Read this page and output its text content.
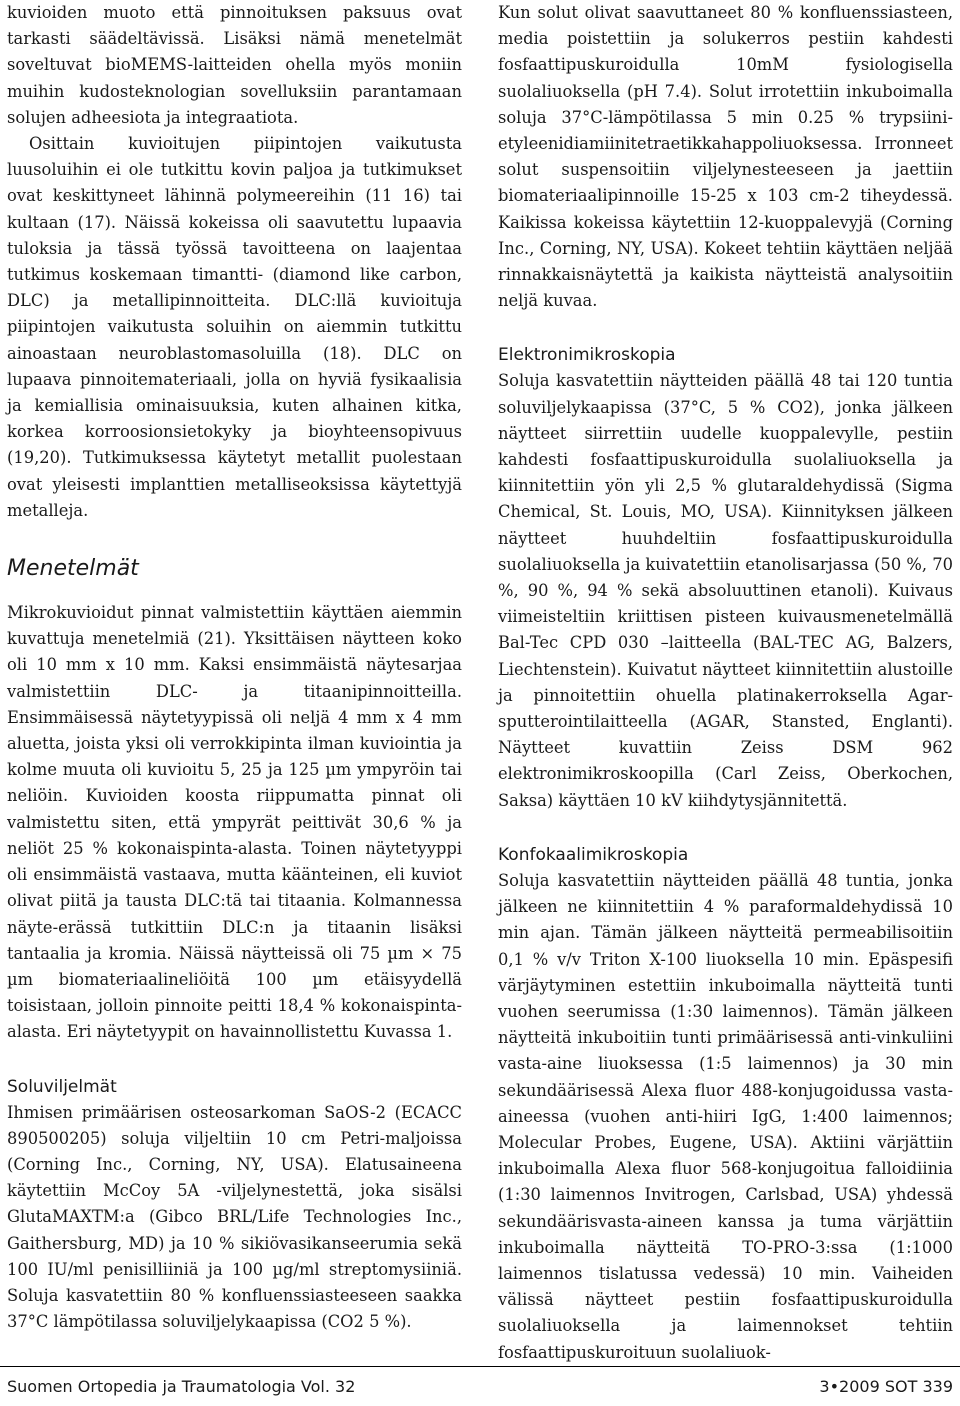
kuvioiden muoto että pinnoituksen paksuus ovat tarkasti säädeltävissä. Lisäksi nämä menetelmät soveltuvat bioMEMS-laitteiden ohella myös moniin muihin kudosteknologian sovelluksiin parantamaan solujen adheesiota ja integraatiota.

Osittain kuvioitujen piipintojen vaikutusta luusoluihin ei ole tutkittu kovin paljoa ja tutkimukset ovat keskittyneet lähinnä polymeereihin (11 16) tai kultaan (17). Näissä kokeissa oli saavutettu lupaavia tuloksia ja tässä työssä tavoitteena on laajentaa tutkimus koskemaan timantti- (diamond like carbon, DLC) ja metallipinnoitteita. DLC:llä kuvioituja piipintojen vaikutusta soluihin on aiemmin tutkittu ainoastaan neuroblastomasoluilla (18). DLC on lupaava pinnoitemateriaali, jolla on hyviä fysikaalisia ja kemiallisia ominaisuuksia, kuten alhainen kitka, korkea korroosionsietokyky ja bioyhteensopivuus (19,20). Tutkimuksessa käytetyt metallit puolestaan ovat yleisesti implanttien metalliseoksissa käytettyjä metalleja.

Menetelmät

Mikrokuvioidut pinnat valmistettiin käyttäen aiemmin kuvattuja menetelmiä (21). Yksittäisen näytteen koko oli 10 mm x 10 mm. Kaksi ensimmäistä näytesarjaa valmistettiin DLC- ja titaanipinnoitteilla. Ensimmäisessä näytetyypissä oli neljä 4 mm x 4 mm aluetta, joista yksi oli verrokkipinta ilman kuviointia ja kolme muuta oli kuvioitu 5, 25 ja 125 µm ympyröin tai neliöin. Kuvioiden koosta riippumatta pinnat oli valmistettu siten, että ympyrät peittivät 30,6 % ja neliöt 25 % kokonaispinta-alasta. Toinen näytetyyppi oli ensimmäistä vastaava, mutta käänteinen, eli kuviot olivat piitä ja tausta DLC:tä tai titaania. Kolmannessa näyte-erässä tutkittiin DLC:n ja titaanin lisäksi tantaalia ja kromia. Näissä näytteissä oli 75 µm × 75 µm biomateriaalineliöitä 100 µm etäisyydellä toisistaan, jolloin pinnoite peitti 18,4 % kokonaispinta-alasta. Eri näytetyypit on havainnollistettu Kuvassa 1.

Soluviljelmät

Ihmisen primäärisen osteosarkoman SaOS-2 (ECACC 890500205) soluja viljeltiin 10 cm Petri-maljoissa (Corning Inc., Corning, NY, USA). Elatusaineena käytettiin McCoy 5A -viljelynestettä, joka sisälsi GlutaMAXTM:a (Gibco BRL/Life Technologies Inc., Gaithersburg, MD) ja 10 % sikiövasikanseerumia sekä 100 IU/ml penisilliiniä ja 100 µg/ml streptomysiiniä. Soluja kasvatettiin 80 % konfluenssiasteeseen saakka 37°C lämpötilassa soluviljelykaapissa (CO2 5 %).

Kun solut olivat saavuttaneet 80 % konfluenssiasteen, media poistettiin ja solukerros pestiin kahdesti fosfaattipuskuroidulla 10mM fysiologisella suolaliuoksella (pH 7.4). Solut irrotettiin inkuboimalla soluja 37°C-lämpötilassa 5 min 0.25 % trypsiini-etyleenidiamiinitetraetikkahappoliuoksessa. Irronneet solut suspensoitiin viljelynesteeseen ja jaettiin biomateriaalipinnoille 15-25 x 103 cm-2 tiheydessä. Kaikissa kokeissa käytettiin 12-kuoppalevyjä (Corning Inc., Corning, NY, USA). Kokeet tehtiin käyttäen neljää rinnakkaisnäytettä ja kaikista näytteistä analysoitiin neljä kuvaa.

Elektronimikroskopia

Soluja kasvatettiin näytteiden päällä 48 tai 120 tuntia soluviljelykaapissa (37°C, 5 % CO2), jonka jälkeen näytteet siirrettiin uudelle kuoppalevylle, pestiin kahdesti fosfaattipuskuroidulla suolaliuoksella ja kiinnitettiin yön yli 2,5 % glutaraldehydissä (Sigma Chemical, St. Louis, MO, USA). Kiinnityksen jälkeen näytteet huuhdeltiin fosfaattipuskuroidulla suolaliuoksella ja kuivatettiin etanolisarjassa (50 %, 70 %, 90 %, 94 % sekä absoluuttinen etanoli). Kuivaus viimeisteltiin kriittisen pisteen kuivausmenetelmällä Bal-Tec CPD 030 –laitteella (BAL-TEC AG, Balzers, Liechtenstein). Kuivatut näytteet kiinnitettiin alustoille ja pinnoitettiin ohuella platinakerroksella Agar-sputterointilaitteella (AGAR, Stansted, Englanti). Näytteet kuvattiin Zeiss DSM 962 elektronimikroskoopilla (Carl Zeiss, Oberkochen, Saksa) käyttäen 10 kV kiihdytysjännitettä.

Konfokaalimikroskopia

Soluja kasvatettiin näytteiden päällä 48 tuntia, jonka jälkeen ne kiinnitettiin 4 % paraformaldehydissä 10 min ajan. Tämän jälkeen näytteitä permeabilisoitiin 0,1 % v/v Triton X-100 liuoksella 10 min. Epäspesifi värjäytyminen estettiin inkuboimalla näytteitä tunti vuohen seerumissa (1:30 laimennos). Tämän jälkeen näytteitä inkuboitiin tunti primäärisessä anti-vinkuliini vasta-aine liuoksessa (1:5 laimennos) ja 30 min sekundäärisessä Alexa fluor 488-konjugoidussa vasta-aineessa (vuohen anti-hiiri IgG, 1:400 laimennos; Molecular Probes, Eugene, USA). Aktiini värjättiin inkuboimalla Alexa fluor 568-konjugoitua falloidiinia (1:30 laimennos Invitrogen, Carlsbad, USA) yhdessä sekundäärisvasta-aineen kanssa ja tuma värjättiin inkuboimalla näytteitä TO-PRO-3:ssa (1:1000 laimennos tislatussa vedessä) 10 min. Vaiheiden välissä näytteet pestiin fosfaattipuskuroidulla suolaliuoksella ja laimennokset tehtiin fosfaattipuskuroituun suolaliuok-

Suomen Ortopedia ja Traumatologia Vol. 32	3•2009 SOT 339
